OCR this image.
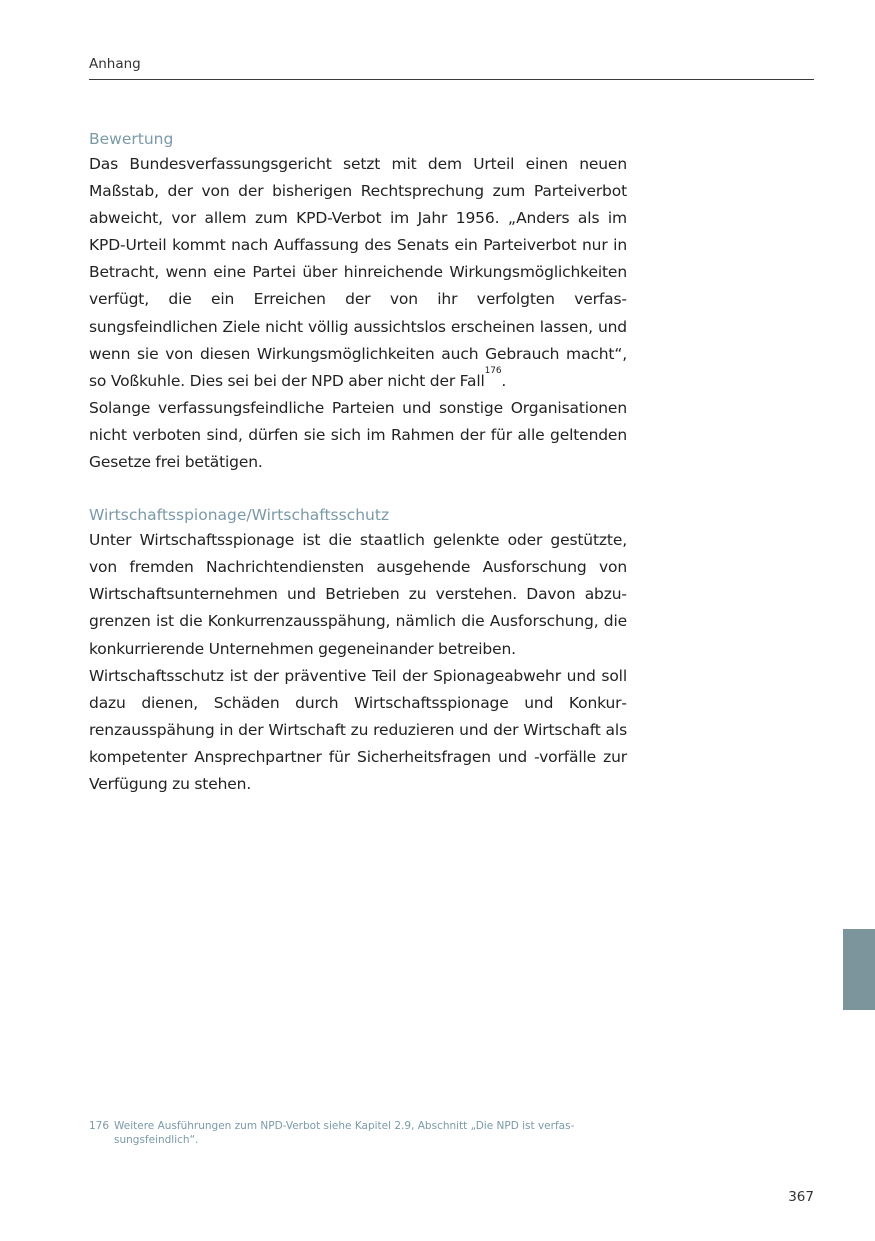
Anhang
Bewertung

Das Bundesverfassungsgericht setzt mit dem Urteil einen neuen Maßstab, der von der bisherigen Rechtsprechung zum Parteiverbot abweicht, vor allem zum KPD-Verbot im Jahr 1956. „Anders als im KPD-Urteil kommt nach Auffassung des Senats ein Parteiverbot nur in Betracht, wenn eine Partei über hinreichende Wirkungsmöglichkeiten verfügt, die ein Erreichen der von ihr verfolgten verfassungsfeindlichen Ziele nicht völlig aussichtslos erscheinen lassen, und wenn sie von diesen Wirkungsmöglichkeiten auch Gebrauch macht“, so Voßkuhle. Dies sei bei der NPD aber nicht der Fall$^{176}$.

Solange verfassungsfeindliche Parteien und sonstige Organisationen nicht verboten sind, dürfen sie sich im Rahmen der für alle geltenden Gesetze frei betätigen.

Wirtschaftsspionage/Wirtschaftsschutz

Unter Wirtschaftsspionage ist die staatlich gelenkte oder gestützte, von fremden Nachrichtendiensten ausgehende Ausforschung von Wirtschaftsunternehmen und Betrieben zu verstehen. Davon abzugrenzen ist die Konkurrenzausspähung, nämlich die Ausforschung, die konkurrierende Unternehmen gegeneinander betreiben.

Wirtschaftsschutz ist der präventive Teil der Spionageabwehr und soll dazu dienen, Schäden durch Wirtschaftsspionage und Konkurrenzausspähung in der Wirtschaft zu reduzieren und der Wirtschaft als kompetenter Ansprechpartner für Sicherheitsfragen und -vorfälle zur Verfügung zu stehen.

176 Weitere Ausführungen zum NPD-Verbot siehe Kapitel 2.9, Abschnitt „Die NPD ist verfassungsfeindlich“.
367
